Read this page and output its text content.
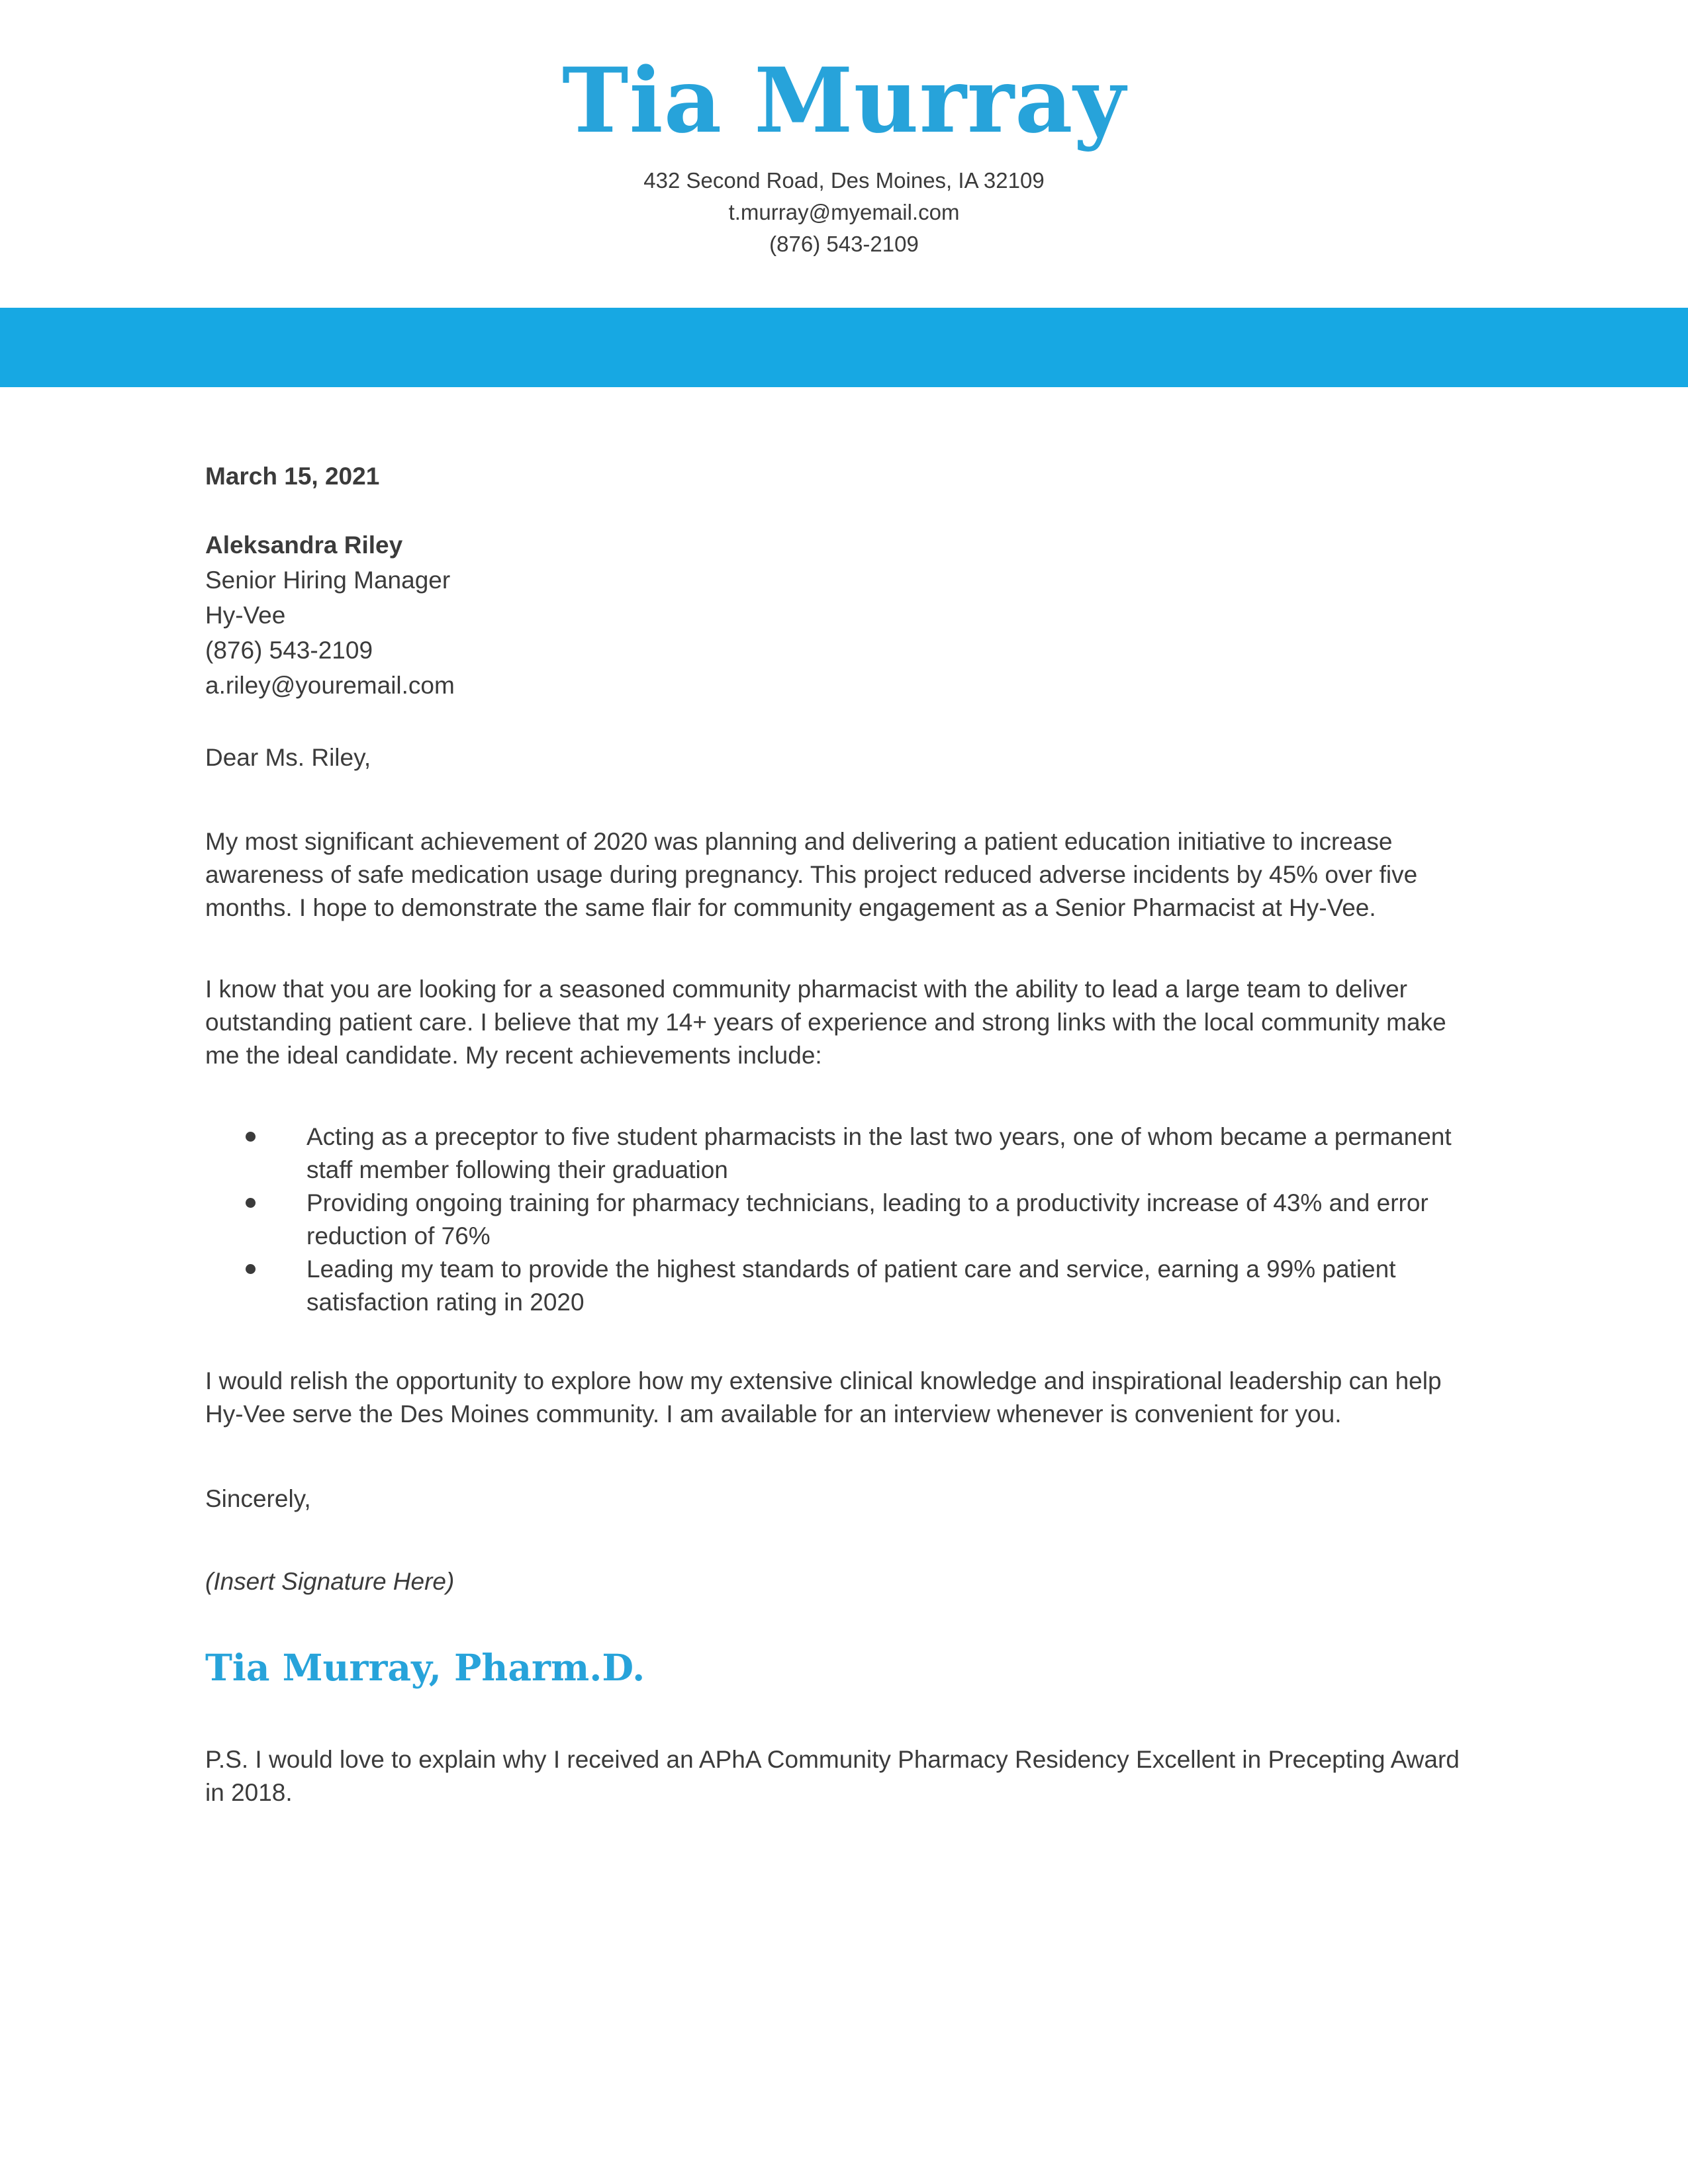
Tia Murray
432 Second Road, Des Moines, IA 32109
t.murray@myemail.com
(876) 543-2109
March 15, 2021
Aleksandra Riley
Senior Hiring Manager
Hy-Vee
(876) 543-2109
a.riley@youremail.com
Dear Ms. Riley,

My most significant achievement of 2020 was planning and delivering a patient education initiative to increase awareness of safe medication usage during pregnancy. This project reduced adverse incidents by 45% over five months. I hope to demonstrate the same flair for community engagement as a Senior Pharmacist at Hy-Vee.

I know that you are looking for a seasoned community pharmacist with the ability to lead a large team to deliver outstanding patient care. I believe that my 14+ years of experience and strong links with the local community make me the ideal candidate. My recent achievements include:

Acting as a preceptor to five student pharmacists in the last two years, one of whom became a permanent staff member following their graduation
Providing ongoing training for pharmacy technicians, leading to a productivity increase of 43% and error reduction of 76%
Leading my team to provide the highest standards of patient care and service, earning a 99% patient satisfaction rating in 2020

I would relish the opportunity to explore how my extensive clinical knowledge and inspirational leadership can help Hy-Vee serve the Des Moines community. I am available for an interview whenever is convenient for you.

Sincerely,
(Insert Signature Here)
Tia Murray, Pharm.D.

P.S. I would love to explain why I received an APhA Community Pharmacy Residency Excellent in Precepting Award in 2018.
